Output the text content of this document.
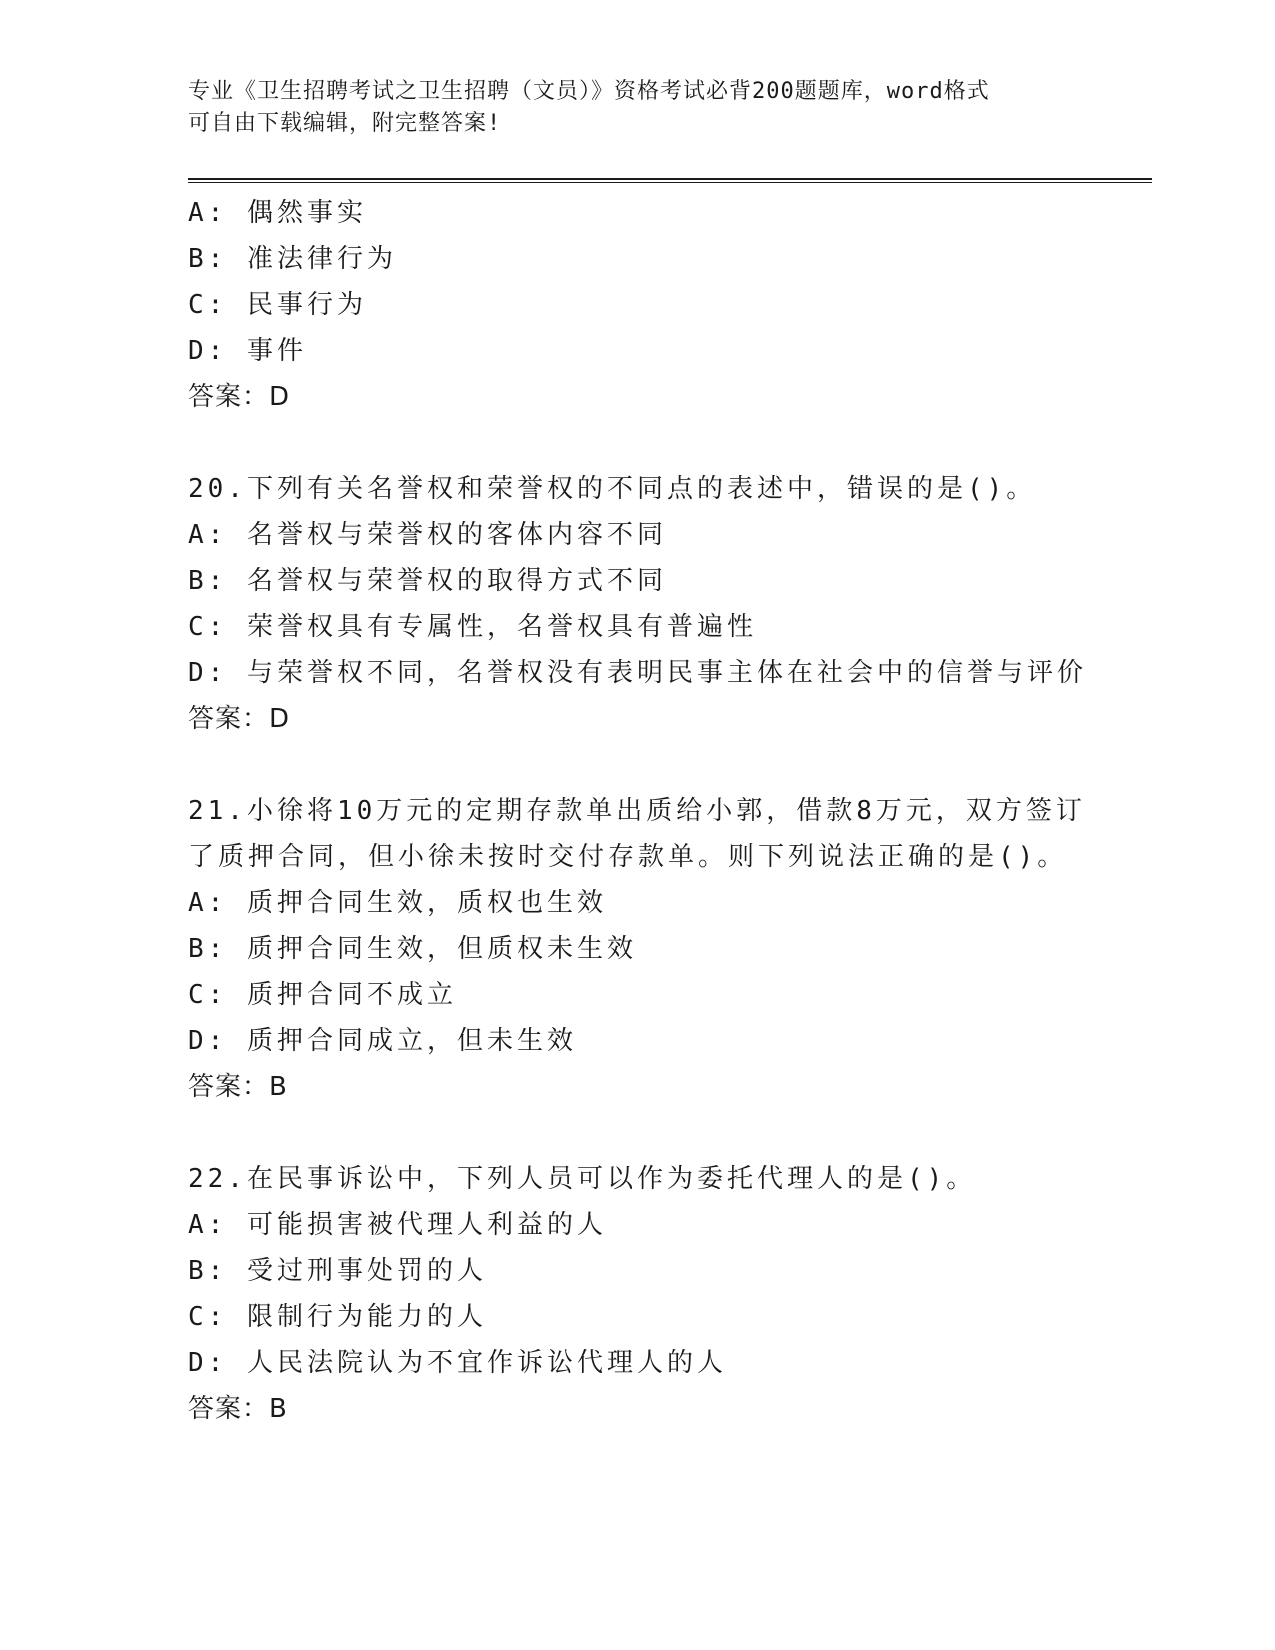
专业《卫生招聘考试之卫生招聘（文员）》资格考试必背200题题库，word格式
可自由下载编辑，附完整答案!
A: 偶然事实
B: 准法律行为
C: 民事行为
D: 事件
答案：D
20.下列有关名誉权和荣誉权的不同点的表述中，错误的是()。
A: 名誉权与荣誉权的客体内容不同
B: 名誉权与荣誉权的取得方式不同
C: 荣誉权具有专属性，名誉权具有普遍性
D: 与荣誉权不同，名誉权没有表明民事主体在社会中的信誉与评价
答案：D
21.小徐将10万元的定期存款单出质给小郭，借款8万元，双方签订
了质押合同，但小徐未按时交付存款单。则下列说法正确的是()。
A: 质押合同生效，质权也生效
B: 质押合同生效，但质权未生效
C: 质押合同不成立
D: 质押合同成立，但未生效
答案：B
22.在民事诉讼中，下列人员可以作为委托代理人的是()。
A: 可能损害被代理人利益的人
B: 受过刑事处罚的人
C: 限制行为能力的人
D: 人民法院认为不宜作诉讼代理人的人
答案：B
